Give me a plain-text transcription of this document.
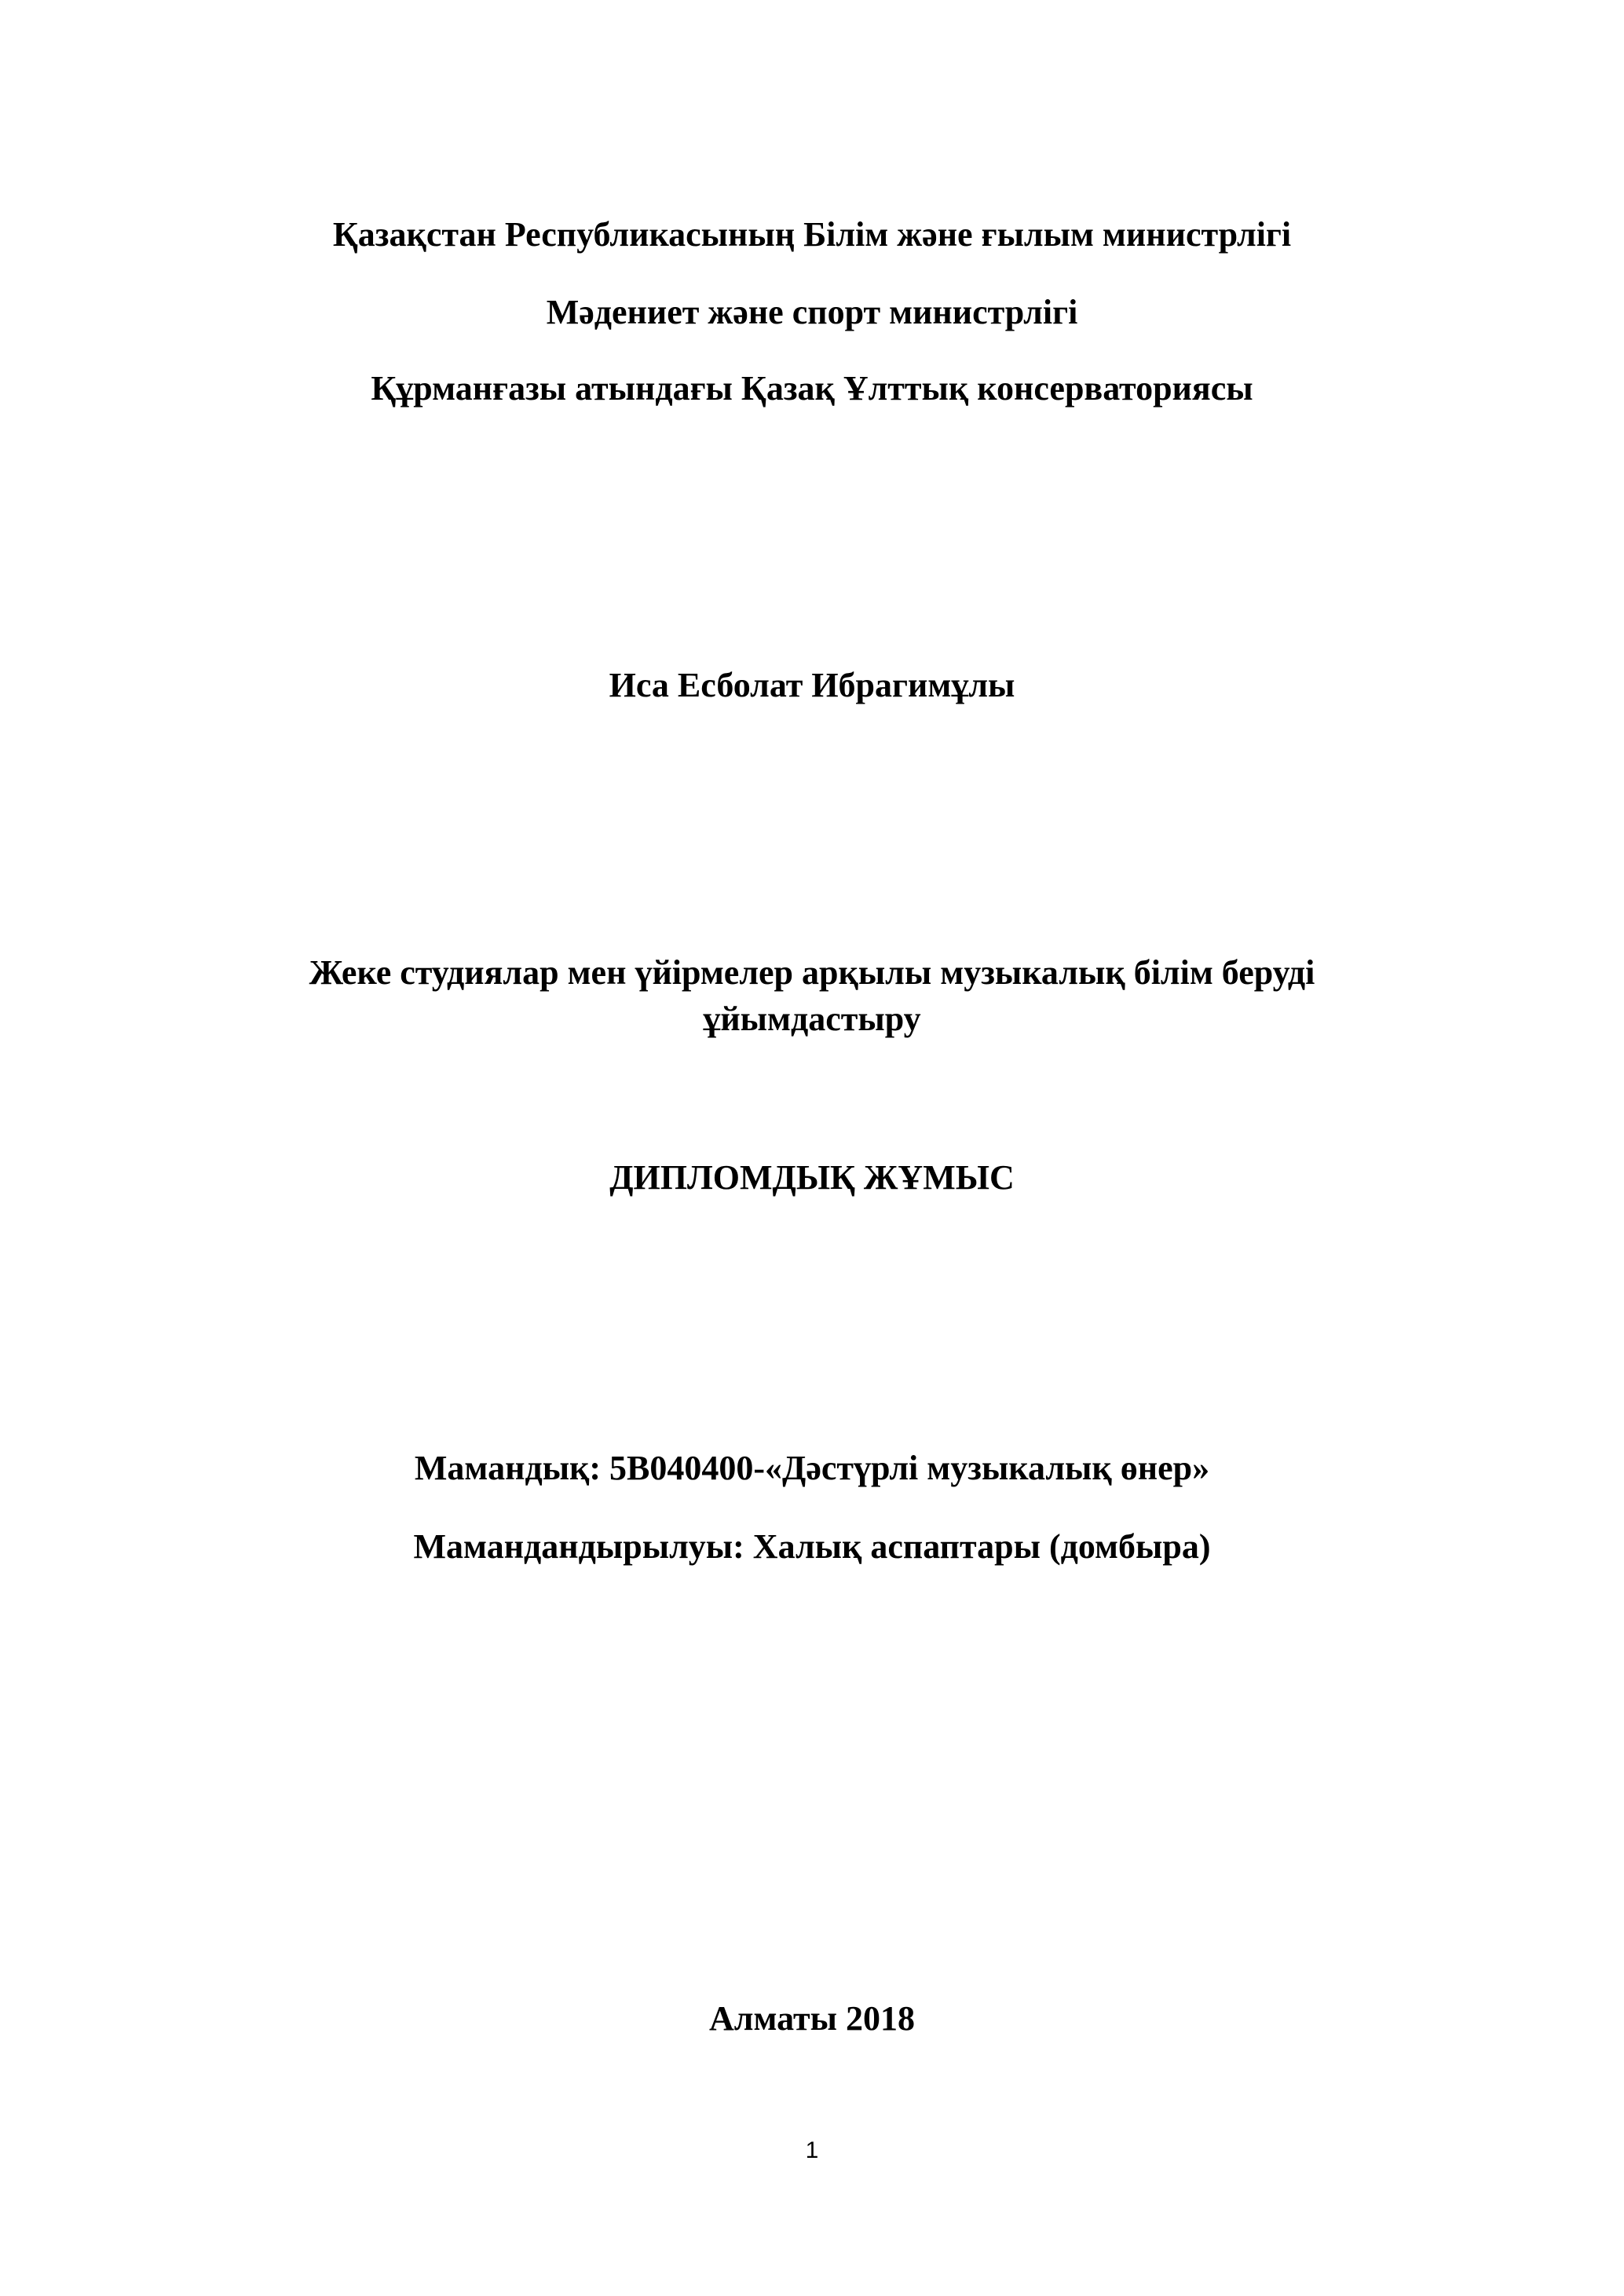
Қазақстан Республикасының Білім және ғылым министрлігі
Мәдениет және спорт министрлігі
Құрманғазы атындағы Қазақ Ұлттық консерваториясы
Иса Есболат Ибрагимұлы
Жеке студиялар мен үйірмелер арқылы музыкалық білім беруді
ұйымдастыру
ДИПЛОМДЫҚ ЖҰМЫС
Мамандық: 5В040400-«Дәстүрлі музыкалық өнер»
Мамандандырылуы: Халық аспаптары (домбыра)
Алматы 2018
1
